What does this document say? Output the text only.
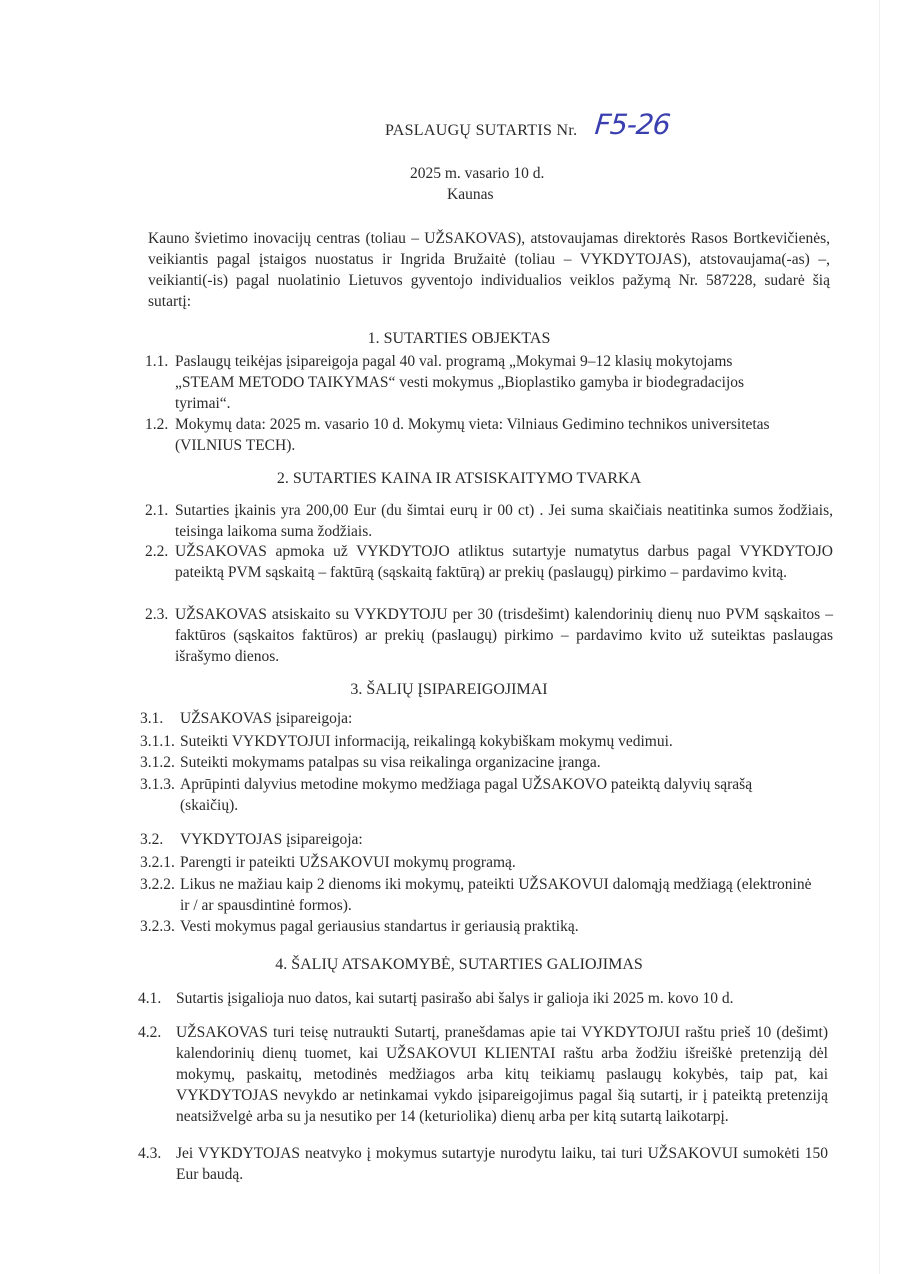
PASLAUGŲ SUTARTIS Nr. F5-26
2025 m. vasario 10 d.
Kaunas
Kauno švietimo inovacijų centras (toliau – UŽSAKOVAS), atstovaujamas direktorės Rasos Bortkevičienės, veikiantis pagal įstaigos nuostatus ir Ingrida Bružaitė (toliau – VYKDYTOJAS), atstovaujama(-as) –, veikianti(-is) pagal nuolatinio Lietuvos gyventojo individualios veiklos pažymą Nr. 587228, sudarė šią sutartį:
1. SUTARTIES OBJEKTAS
1.1. Paslaugų teikėjas įsipareigoja pagal 40 val. programą „Mokymai 9–12 klasių mokytojams „STEAM METODO TAIKYMAS“ vesti mokymus „Bioplastiko gamyba ir biodegradacijos tyrimai“.
1.2. Mokymų data: 2025 m. vasario 10 d. Mokymų vieta: Vilniaus Gedimino technikos universitetas (VILNIUS TECH).
2. SUTARTIES KAINA IR ATSISKAITYMO TVARKA
2.1. Sutarties įkainis yra 200,00 Eur (du šimtai eurų ir 00 ct) . Jei suma skaičiais neatitinka sumos žodžiais, teisinga laikoma suma žodžiais.
2.2. UŽSAKOVAS apmoka už VYKDYTOJO atliktus sutartyje numatytus darbus pagal VYKDYTOJO pateiktą PVM sąskaitą – faktūrą (sąskaitą faktūrą) ar prekių (paslaugų) pirkimo – pardavimo kvitą.
2.3. UŽSAKOVAS atsiskaito su VYKDYTOJU per 30 (trisdešimt) kalendorinių dienų nuo PVM sąskaitos – faktūros (sąskaitos faktūros) ar prekių (paslaugų) pirkimo – pardavimo kvito už suteiktas paslaugas išrašymo dienos.
3. ŠALIŲ ĮSIPAREIGOJIMAI
3.1. UŽSAKOVAS įsipareigoja:
3.1.1. Suteikti VYKDYTOJUI informaciją, reikalingą kokybiškam mokymų vedimui.
3.1.2. Suteikti mokymams patalpas su visa reikalinga organizacine įranga.
3.1.3. Aprūpinti dalyvius metodine mokymo medžiaga pagal UŽSAKOVO pateiktą dalyvių sąrašą (skaičių).
3.2. VYKDYTOJAS įsipareigoja:
3.2.1. Parengti ir pateikti UŽSAKOVUI mokymų programą.
3.2.2. Likus ne mažiau kaip 2 dienoms iki mokymų, pateikti UŽSAKOVUI dalomąją medžiagą (elektroninė ir / ar spausdintinė formos).
3.2.3. Vesti mokymus pagal geriausius standartus ir geriausią praktiką.
4. ŠALIŲ ATSAKOMYBĖ, SUTARTIES GALIOJIMAS
4.1. Sutartis įsigalioja nuo datos, kai sutartį pasirašo abi šalys ir galioja iki 2025 m. kovo 10 d.
4.2. UŽSAKOVAS turi teisę nutraukti Sutartį, pranešdamas apie tai VYKDYTOJUI raštu prieš 10 (dešimt) kalendorinių dienų tuomet, kai UŽSAKOVUI KLIENTAI raštu arba žodžiu išreiškė pretenziją dėl mokymų, paskaitų, metodinės medžiagos arba kitų teikiamų paslaugų kokybės, taip pat, kai VYKDYTOJAS nevykdo ar netinkamai vykdo įsipareigojimus pagal šią sutartį, ir į pateiktą pretenziją neatsižvelgė arba su ja nesutiko per 14 (keturiolika) dienų arba per kitą sutartą laikotarpį.
4.3. Jei VYKDYTOJAS neatvyko į mokymus sutartyje nurodytu laiku, tai turi UŽSAKOVUI sumokėti 150 Eur baudą.
